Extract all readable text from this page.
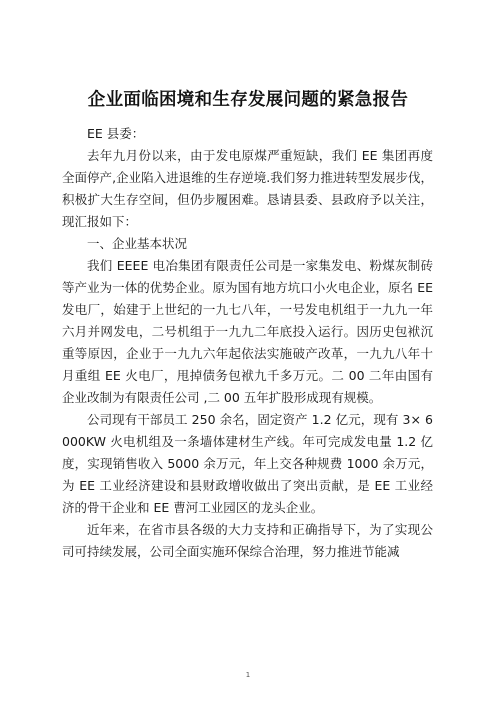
企业面临困境和生存发展问题的紧急报告

EE 县委：

去年九月份以来，由于发电原煤严重短缺，我们 EE 集团再度全面停产,企业陷入进退维的生存逆境.我们努力推进转型发展步伐，积极扩大生存空间，但仍步履困难。恳请县委、县政府予以关注，现汇报如下：

一、企业基本状况

我们 EEEE 电冶集团有限责任公司是一家集发电、粉煤灰制砖等产业为一体的优势企业。原为国有地方坑口小火电企业，原名 EE 发电厂，始建于上世纪的一九七八年，一号发电机组于一九九一年六月并网发电，二号机组于一九九二年底投入运行。因历史包袱沉重等原因，企业于一九九六年起依法实施破产改革，一九九八年十月重组 EE 火电厂，甩掉债务包袱九千多万元。二 00 二年由国有企业改制为有限责任公司 ,二 00 五年扩股形成现有规模。

公司现有干部员工 250 余名，固定资产 1.2 亿元，现有 3× 6000KW 火电机组及一条墙体建材生产线。年可完成发电量 1.2 亿度，实现销售收入 5000 余万元，年上交各种规费 1000 余万元，为 EE 工业经济建设和县财政增收做出了突出贡献，是 EE 工业经济的骨干企业和 EE 曹河工业园区的龙头企业。

近年来，在省市县各级的大力支持和正确指导下，为了实现公司可持续发展，公司全面实施环保综合治理，努力推进节能减

1
